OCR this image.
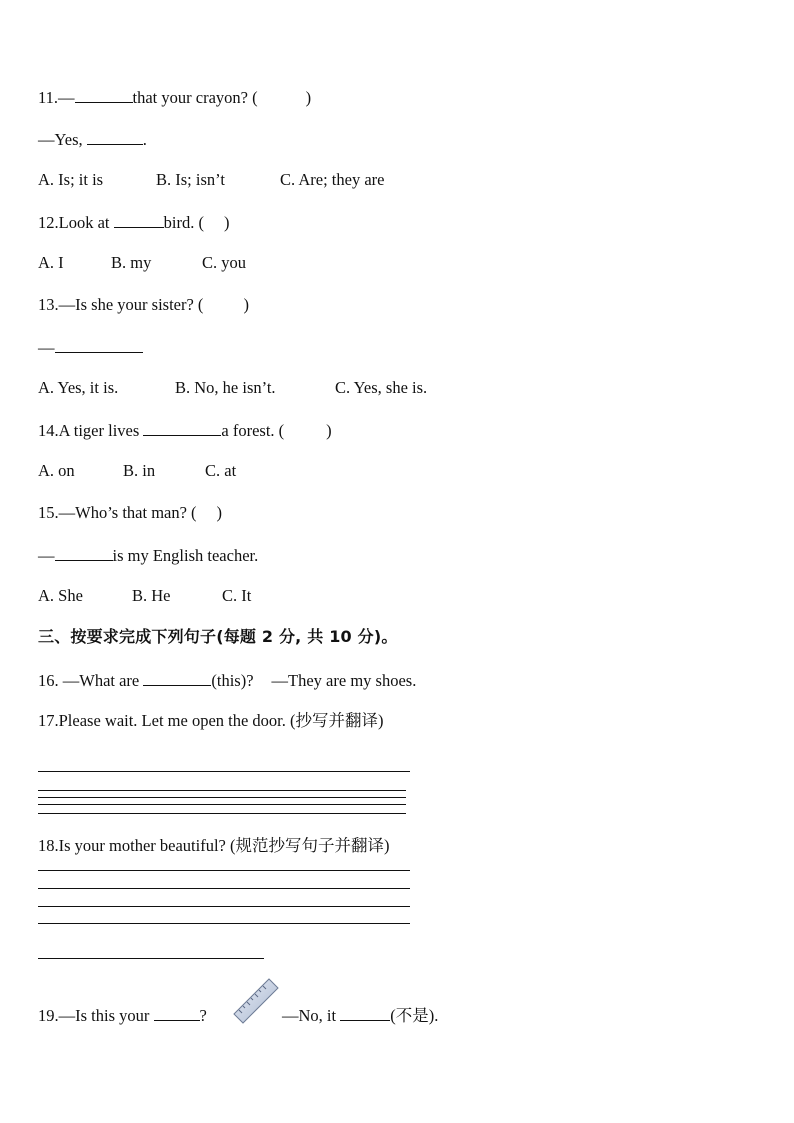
11.—	that your crayon? (	)
—Yes,	.
A. Is; it is	B. Is; isn’t	C. Are; they are
12.Look at	bird. ( )
A. I	B. my	C. you
13.—Is she your sister? ( )
—
A. Yes, it is.	B. No, he isn’t.	C. Yes, she is.
14.A tiger lives	a forest. (	)
A. on	B. in	C. at
15.—Who’s that man? ( )
—	is my English teacher.
A. She	B. He	C. It
三、按要求完成下列句子(每题 2 分, 共 10 分)。
16. —What are	(this)? —They are my shoes.
17.Please wait. Let me open the door. (抄写并翻译)
18.Is your mother beautiful? (规范抄写句子并翻译)
19.—Is this your	?	—No, it	(不是).
